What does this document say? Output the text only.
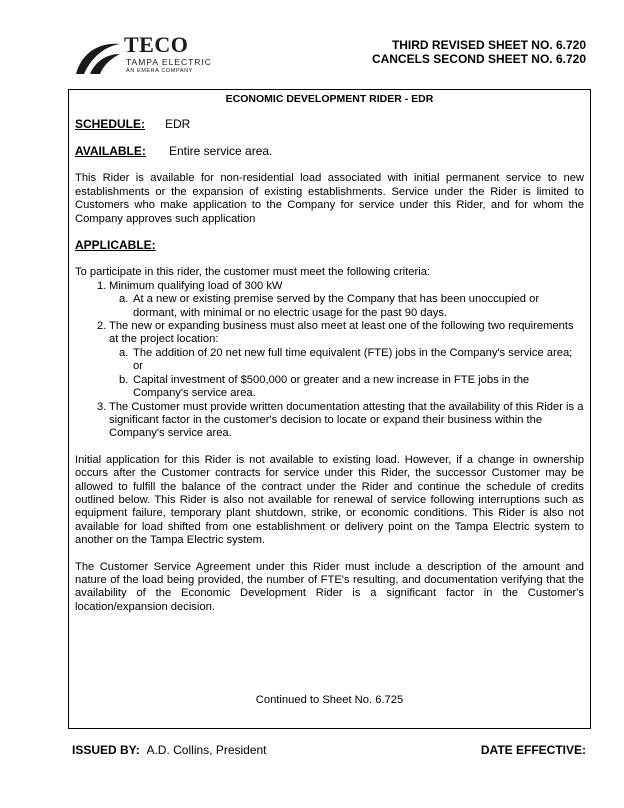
TECO
TAMPA ELECTRIC
AN EMERA COMPANY
THIRD REVISED SHEET NO. 6.720
CANCELS SECOND SHEET NO. 6.720
ECONOMIC DEVELOPMENT RIDER - EDR
SCHEDULE: EDR
AVAILABLE: Entire service area.

This Rider is available for non-residential load associated with initial permanent service to new establishments or the expansion of existing establishments. Service under the Rider is limited to Customers who make application to the Company for service under this Rider, and for whom the Company approves such application

APPLICABLE:
To participate in this rider, the customer must meet the following criteria:
1. Minimum qualifying load of 300 kW
a. At a new or existing premise served by the Company that has been unoccupied or dormant, with minimal or no electric usage for the past 90 days.
2. The new or expanding business must also meet at least one of the following two requirements at the project location:
a. The addition of 20 net new full time equivalent (FTE) jobs in the Company's service area; or
b. Capital investment of $500,000 or greater and a new increase in FTE jobs in the Company's service area.
3. The Customer must provide written documentation attesting that the availability of this Rider is a significant factor in the customer's decision to locate or expand their business within the Company's service area.

Initial application for this Rider is not available to existing load. However, if a change in ownership occurs after the Customer contracts for service under this Rider, the successor Customer may be allowed to fulfill the balance of the contract under the Rider and continue the schedule of credits outlined below. This Rider is also not available for renewal of service following interruptions such as equipment failure, temporary plant shutdown, strike, or economic conditions. This Rider is also not available for load shifted from one establishment or delivery point on the Tampa Electric system to another on the Tampa Electric system.

The Customer Service Agreement under this Rider must include a description of the amount and nature of the load being provided, the number of FTE's resulting, and documentation verifying that the availability of the Economic Development Rider is a significant factor in the Customer's location/expansion decision.

Continued to Sheet No. 6.725
ISSUED BY: A.D. Collins, President	DATE EFFECTIVE:
